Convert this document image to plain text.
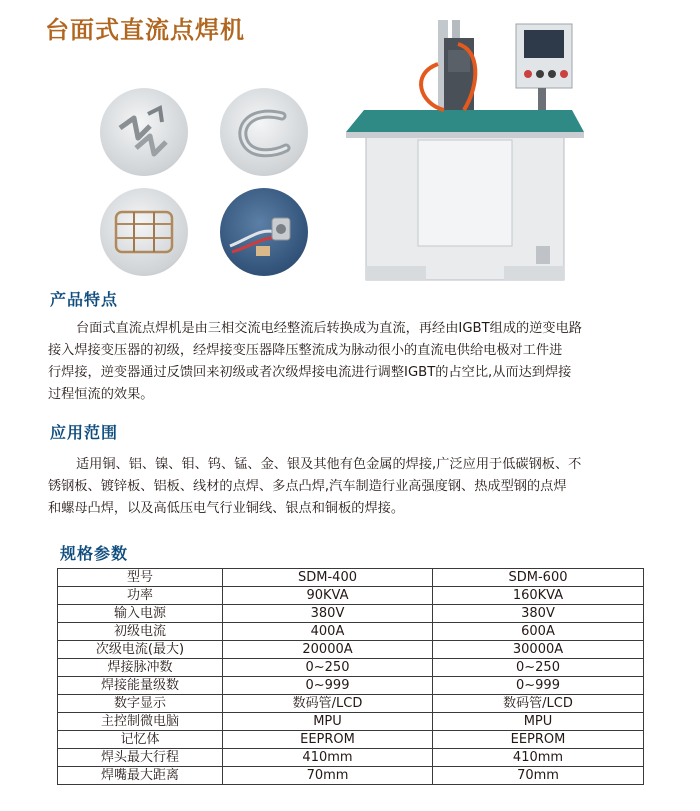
台面式直流点焊机
产品特点
台面式直流点焊机是由三相交流电经整流后转换成为直流，再经由IGBT组成的逆变电路
接入焊接变压器的初级，经焊接变压器降压整流成为脉动很小的直流电供给电极对工件进
行焊接，逆变器通过反馈回来初级或者次级焊接电流进行调整IGBT的占空比,从而达到焊接
过程恒流的效果。
应用范围
适用铜、铝、镍、钼、钨、锰、金、银及其他有色金属的焊接,广泛应用于低碳钢板、不
锈钢板、镀锌板、铝板、线材的点焊、多点凸焊,汽车制造行业高强度钢、热成型钢的点焊
和螺母凸焊，以及高低压电气行业铜线、银点和铜板的焊接。
规格参数
型号	SDM-400	SDM-600
功率	90KVA	160KVA
输入电源	380V	380V
初级电流	400A	600A
次级电流(最大)	20000A	30000A
焊接脉冲数	0~250	0~250
焊接能量级数	0~999	0~999
数字显示	数码管/LCD	数码管/LCD
主控制微电脑	MPU	MPU
记忆体	EEPROM	EEPROM
焊头最大行程	410mm	410mm
焊嘴最大距离	70mm	70mm
